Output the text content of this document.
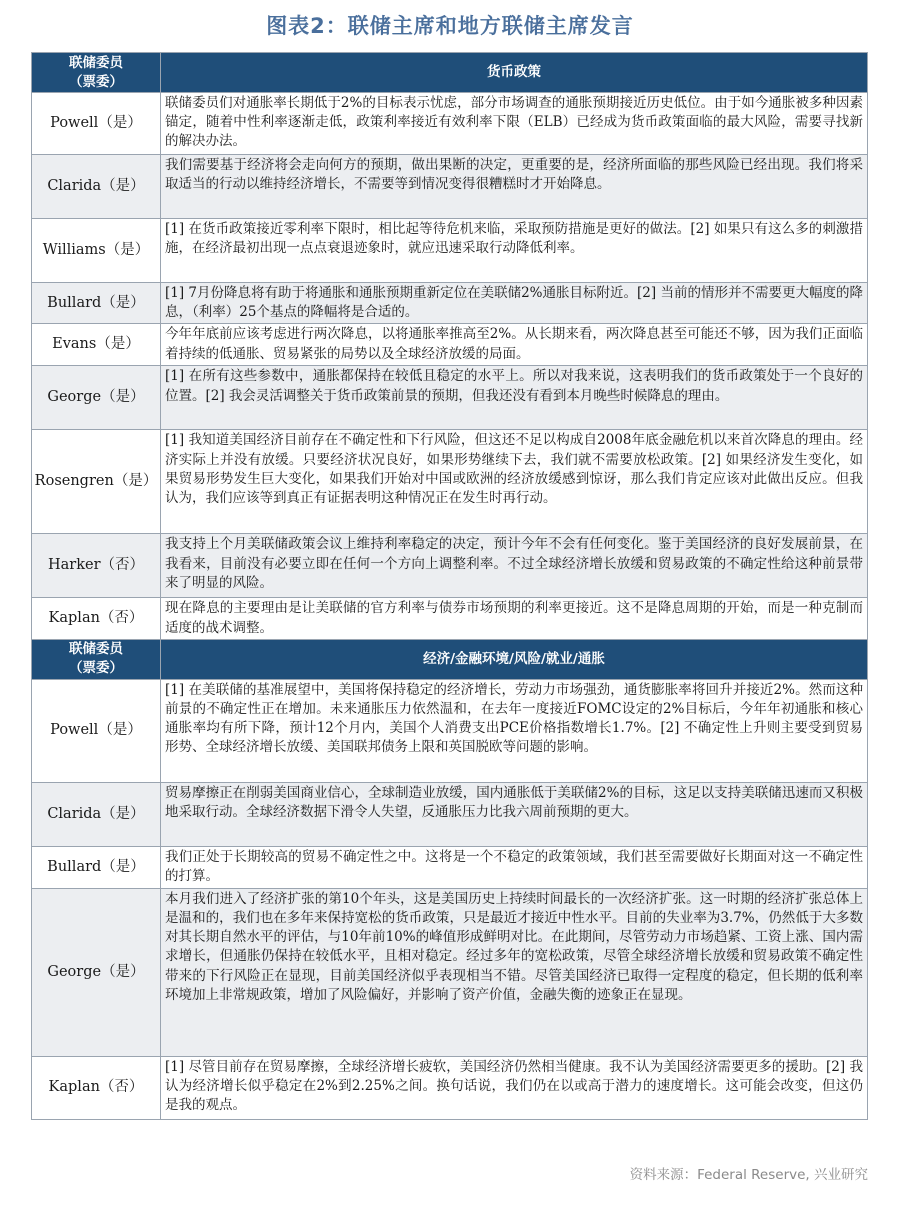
图表2：联储主席和地方联储主席发言
联储委员
（票委）	货币政策
Powell（是）	联储委员们对通胀率长期低于2%的目标表示忧虑，部分市场调查的通胀预期接近历史低位。由于如今通胀被多种因素锚定，随着中性利率逐渐走低，政策利率接近有效利率下限（ELB）已经成为货币政策面临的最大风险，需要寻找新的解决办法。
Clarida（是）	我们需要基于经济将会走向何方的预期，做出果断的决定，更重要的是，经济所面临的那些风险已经出现。我们将采取适当的行动以维持经济增长，不需要等到情况变得很糟糕时才开始降息。
Williams（是）	[1] 在货币政策接近零利率下限时，相比起等待危机来临，采取预防措施是更好的做法。[2] 如果只有这么多的刺激措施，在经济最初出现一点点衰退迹象时，就应迅速采取行动降低利率。
Bullard（是）	[1] 7月份降息将有助于将通胀和通胀预期重新定位在美联储2%通胀目标附近。[2] 当前的情形并不需要更大幅度的降息，（利率）25个基点的降幅将是合适的。
Evans（是）	今年年底前应该考虑进行两次降息，以将通胀率推高至2%。从长期来看，两次降息甚至可能还不够，因为我们正面临着持续的低通胀、贸易紧张的局势以及全球经济放缓的局面。
George（是）	[1] 在所有这些参数中，通胀都保持在较低且稳定的水平上。所以对我来说，这表明我们的货币政策处于一个良好的位置。[2] 我会灵活调整关于货币政策前景的预期，但我还没有看到本月晚些时候降息的理由。
Rosengren（是）	[1] 我知道美国经济目前存在不确定性和下行风险，但这还不足以构成自2008年底金融危机以来首次降息的理由。经济实际上并没有放缓。只要经济状况良好，如果形势继续下去，我们就不需要放松政策。[2] 如果经济发生变化，如果贸易形势发生巨大变化，如果我们开始对中国或欧洲的经济放缓感到惊讶，那么我们肯定应该对此做出反应。但我认为，我们应该等到真正有证据表明这种情况正在发生时再行动。
Harker（否）	我支持上个月美联储政策会议上维持利率稳定的决定，预计今年不会有任何变化。鉴于美国经济的良好发展前景，在我看来，目前没有必要立即在任何一个方向上调整利率。不过全球经济增长放缓和贸易政策的不确定性给这种前景带来了明显的风险。
Kaplan（否）	现在降息的主要理由是让美联储的官方利率与债券市场预期的利率更接近。这不是降息周期的开始，而是一种克制而适度的战术调整。
联储委员
（票委）	经济/金融环境/风险/就业/通胀
Powell（是）	[1] 在美联储的基准展望中，美国将保持稳定的经济增长，劳动力市场强劲，通货膨胀率将回升并接近2%。然而这种前景的不确定性正在增加。未来通胀压力依然温和，在去年一度接近FOMC设定的2%目标后，今年年初通胀和核心通胀率均有所下降，预计12个月内，美国个人消费支出PCE价格指数增长1.7%。[2] 不确定性上升则主要受到贸易形势、全球经济增长放缓、美国联邦债务上限和英国脱欧等问题的影响。
Clarida（是）	贸易摩擦正在削弱美国商业信心，全球制造业放缓，国内通胀低于美联储2%的目标，这足以支持美联储迅速而又积极地采取行动。全球经济数据下滑令人失望，反通胀压力比我六周前预期的更大。
Bullard（是）	我们正处于长期较高的贸易不确定性之中。这将是一个不稳定的政策领域，我们甚至需要做好长期面对这一不确定性的打算。
George（是）	本月我们进入了经济扩张的第10个年头，这是美国历史上持续时间最长的一次经济扩张。这一时期的经济扩张总体上是温和的，我们也在多年来保持宽松的货币政策，只是最近才接近中性水平。目前的失业率为3.7%，仍然低于大多数对其长期自然水平的评估，与10年前10%的峰值形成鲜明对比。在此期间，尽管劳动力市场趋紧、工资上涨、国内需求增长，但通胀仍保持在较低水平，且相对稳定。经过多年的宽松政策，尽管全球经济增长放缓和贸易政策不确定性带来的下行风险正在显现，目前美国经济似乎表现相当不错。尽管美国经济已取得一定程度的稳定，但长期的低利率环境加上非常规政策，增加了风险偏好，并影响了资产价值，金融失衡的迹象正在显现。
Kaplan（否）	[1] 尽管目前存在贸易摩擦，全球经济增长疲软，美国经济仍然相当健康。我不认为美国经济需要更多的援助。[2] 我认为经济增长似乎稳定在2%到2.25%之间。换句话说，我们仍在以或高于潜力的速度增长。这可能会改变，但这仍是我的观点。
资料来源：Federal Reserve, 兴业研究
